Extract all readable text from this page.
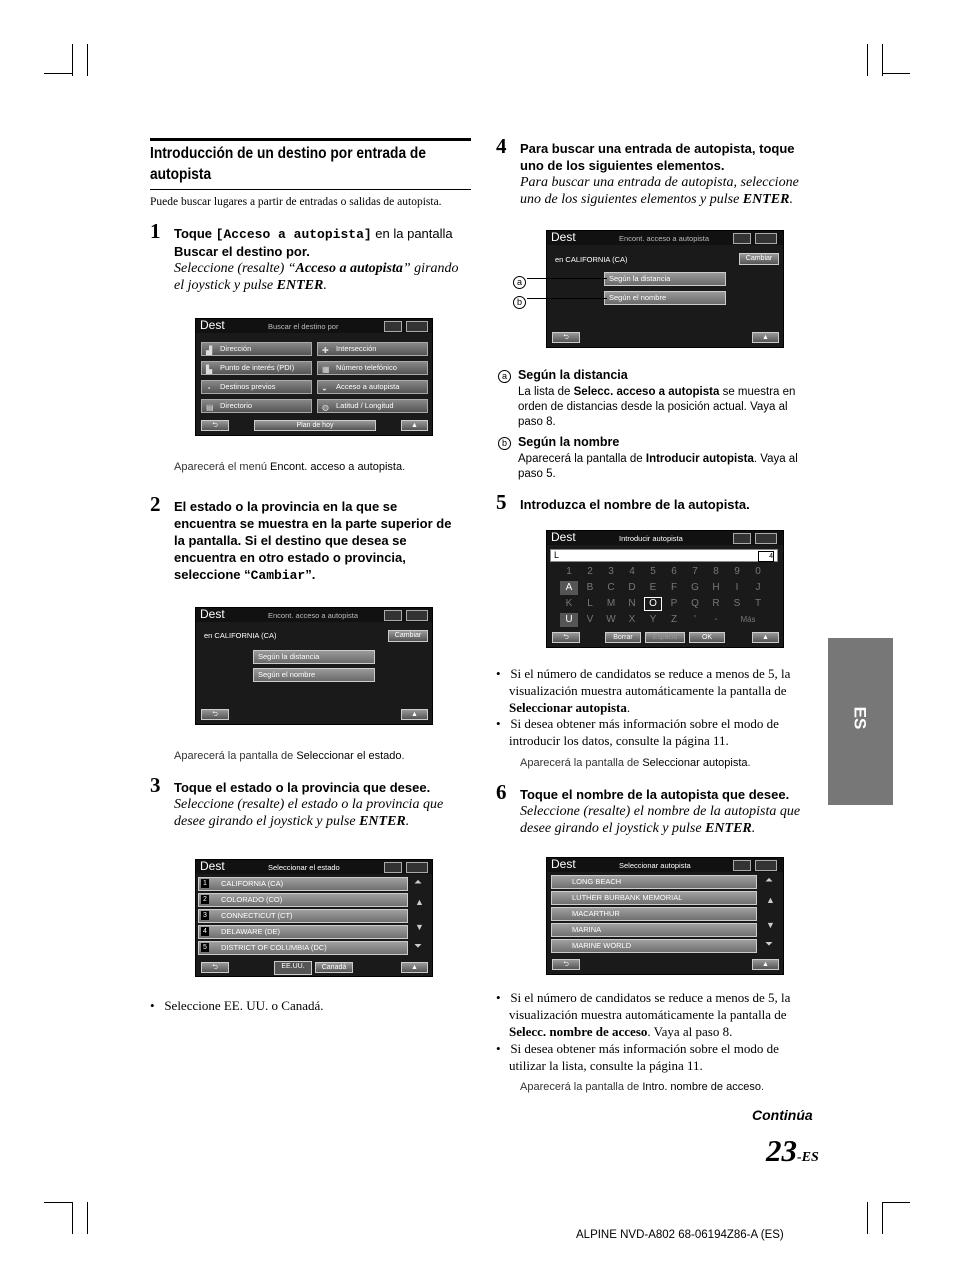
ES
Introducción de un destino por entrada de autopista
Puede buscar lugares a partir de entradas o salidas de autopista.
1 Toque [Acceso a autopista] en la pantalla
Buscar el destino por.
Seleccione (resalte) “Acceso a autopista” girando
el joystick y pulse ENTER.
Dest	Buscar el destino por
▟ Dirección	✚ Intersección
▙ Punto de interés (PDI)	▦ Número telefónico
◔ Destinos previos	◒ Acceso a autopista
▤ Directorio	◍ Latitud / Longitud
⮌	Plan de hoy	▲
Aparecerá el menú Encont. acceso a autopista.
2 El estado o la provincia en la que se
encuentra se muestra en la parte superior de
la pantalla. Si el destino que desea se
encuentra en otro estado o provincia,
seleccione “Cambiar”.
Dest	Encont. acceso a autopista
en CALIFORNIA (CA)	Cambiar
Según la distancia
Según el nombre
⮌	▲
Aparecerá la pantalla de Seleccionar el estado.
3 Toque el estado o la provincia que desee.
Seleccione (resalte) el estado o la provincia que
desee girando el joystick y pulse ENTER.
Dest	Seleccionar el estado
1 CALIFORNIA (CA)
2 COLORADO (CO)
3 CONNECTICUT (CT)
4 DELAWARE (DE)
5 DISTRICT OF COLUMBIA (DC)
⏶
▲
▼
⏷
⮌	EE.UU.	Canadá	▲
•   Seleccione EE. UU. o Canadá.
4 Para buscar una entrada de autopista, toque
uno de los siguientes elementos.
Para buscar una entrada de autopista, seleccione
uno de los siguientes elementos y pulse ENTER.
Dest	Encont. acceso a autopista
en CALIFORNIA (CA)	Cambiar
Según la distancia
Según el nombre
⮌	▲
a
b
a Según la distancia
La lista de Selecc. acceso a autopista se muestra en
orden de distancias desde la posición actual. Vaya al
paso 8.
b Según la nombre
Aparecerá la pantalla de Introducir autopista. Vaya al
paso 5.
5 Introduzca el nombre de la autopista.
Dest	Introducir autopista
L	4
1	2	3	4	5	6	7	8	9	0
A	B	C	D	E	F	G	H	I	J
K	L	M	N	O	P	Q	R	S	T
U	V	W	X	Y	Z	'	-	Más
⮌	Borrar	Espacio	OK	▲
•   Si el número de candidatos se reduce a menos de 5, la
visualización muestra automáticamente la pantalla de
Seleccionar autopista.
•   Si desea obtener más información sobre el modo de
introducir los datos, consulte la página 11.
Aparecerá la pantalla de Seleccionar autopista.
6 Toque el nombre de la autopista que desee.
Seleccione (resalte) el nombre de la autopista que
desee girando el joystick y pulse ENTER.
Dest	Seleccionar autopista
LONG BEACH
LUTHER BURBANK MEMORIAL
MACARTHUR
MARINA
MARINE WORLD
⏶
▲
▼
⏷
⮌	▲
•   Si el número de candidatos se reduce a menos de 5, la
visualización muestra automáticamente la pantalla de
Selecc. nombre de acceso. Vaya al paso 8.
•   Si desea obtener más información sobre el modo de
utilizar la lista, consulte la página 11.
Aparecerá la pantalla de Intro. nombre de acceso.
Continúa
23-ES
ALPINE NVD-A802 68-06194Z86-A (ES)
